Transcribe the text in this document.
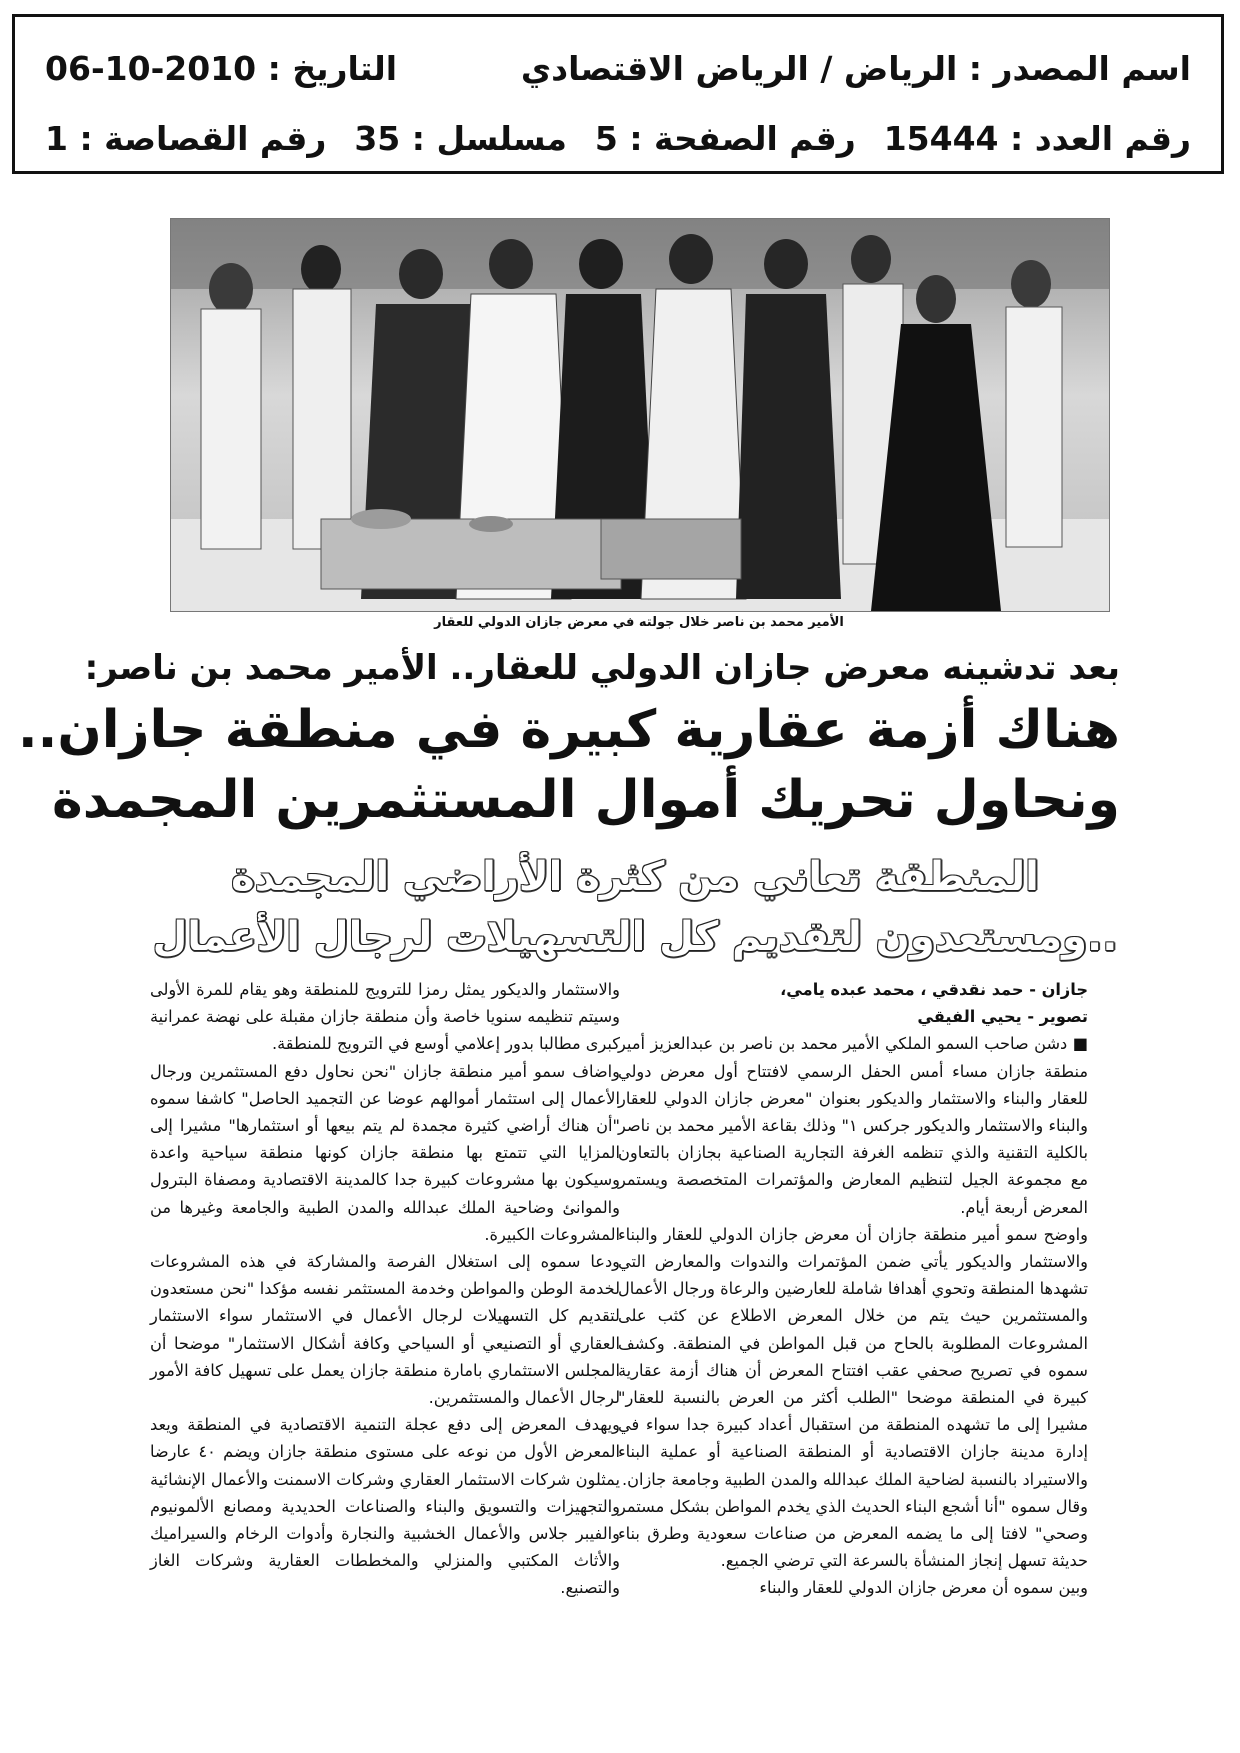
اسم المصدر : الرياض / الرياض الاقتصادي
التاريخ : 2010-10-06
رقم العدد : 15444
رقم الصفحة : 5
مسلسل : 35
رقم القصاصة : 1
الأمير محمد بن ناصر خلال جولته في معرض جازان الدولي للعقار
بعد تدشينه معرض جازان الدولي للعقار.. الأمير محمد بن ناصر:
هناك أزمة عقارية كبيرة في منطقة جازان..
ونحاول تحريك أموال المستثمرين المجمدة
المنطقة تعاني من كثرة الأراضي المجمدة
..ومستعدون لتقديم كل التسهيلات لرجال الأعمال
جازان - حمد نقدقي ، محمد عبده يامي،
تصوير - يحيي الفيقي

■ دشن صاحب السمو الملكي الأمير محمد بن ناصر بن عبدالعزيز أمير منطقة جازان مساء أمس الحفل الرسمي لافتتاح أول معرض دولي للعقار والبناء والاستثمار والديكور بعنوان "معرض جازان الدولي للعقار والبناء والاستثمار والديكور جركس ١" وذلك بقاعة الأمير محمد بن ناصر بالكلية التقنية والذي تنظمه الغرفة التجارية الصناعية بجازان بالتعاون مع مجموعة الجيل لتنظيم المعارض والمؤتمرات المتخصصة ويستمر المعرض أربعة أيام.

واوضح سمو أمير منطقة جازان أن معرض جازان الدولي للعقار والبناء والاستثمار والديكور يأتي ضمن المؤتمرات والندوات والمعارض التي تشهدها المنطقة وتحوي أهدافا شاملة للعارضين والرعاة ورجال الأعمال والمستثمرين حيث يتم من خلال المعرض الاطلاع عن كثب على المشروعات المطلوبة بالحاح من قبل المواطن في المنطقة. وكشف سموه في تصريح صحفي عقب افتتاح المعرض أن هناك أزمة عقارية كبيرة في المنطقة موضحا "الطلب أكثر من العرض بالنسبة للعقار" مشيرا إلى ما تشهده المنطقة من استقبال أعداد كبيرة جدا سواء في إدارة مدينة جازان الاقتصادية أو المنطقة الصناعية أو عملية البناء والاستيراد بالنسبة لضاحية الملك عبدالله والمدن الطبية وجامعة جازان.

وقال سموه "أنا أشجع البناء الحديث الذي يخدم المواطن بشكل مستمر وصحي" لافتا إلى ما يضمه المعرض من صناعات سعودية وطرق بناء حديثة تسهل إنجاز المنشأة بالسرعة التي ترضي الجميع.

وبين سموه أن معرض جازان الدولي للعقار والبناء

والاستثمار والديكور يمثل رمزا للترويج للمنطقة وهو يقام للمرة الأولى وسيتم تنظيمه سنويا خاصة وأن منطقة جازان مقبلة على نهضة عمرانية كبرى مطالبا بدور إعلامي أوسع في الترويج للمنطقة.

واضاف سمو أمير منطقة جازان "نحن نحاول دفع المستثمرين ورجال الأعمال إلى استثمار أموالهم عوضا عن التجميد الحاصل" كاشفا سموه "أن هناك أراضي كثيرة مجمدة لم يتم بيعها أو استثمارها" مشيرا إلى المزايا التي تتمتع بها منطقة جازان كونها منطقة سياحية واعدة وسيكون بها مشروعات كبيرة جدا كالمدينة الاقتصادية ومصفاة البترول والموانئ وضاحية الملك عبدالله والمدن الطبية والجامعة وغيرها من المشروعات الكبيرة.

ودعا سموه إلى استغلال الفرصة والمشاركة في هذه المشروعات لخدمة الوطن والمواطن وخدمة المستثمر نفسه مؤكدا "نحن مستعدون لتقديم كل التسهيلات لرجال الأعمال في الاستثمار سواء الاستثمار العقاري أو التصنيعي أو السياحي وكافة أشكال الاستثمار" موضحا أن المجلس الاستثماري بامارة منطقة جازان يعمل على تسهيل كافة الأمور لرجال الأعمال والمستثمرين.

ويهدف المعرض إلى دفع عجلة التنمية الاقتصادية في المنطقة ويعد المعرض الأول من نوعه على مستوى منطقة جازان ويضم ٤٠ عارضا يمثلون شركات الاستثمار العقاري وشركات الاسمنت والأعمال الإنشائية والتجهيزات والتسويق والبناء والصناعات الحديدية ومصانع الألمونيوم والفيبر جلاس والأعمال الخشبية والنجارة وأدوات الرخام والسيراميك والأثاث المكتبي والمنزلي والمخططات العقارية وشركات الغاز والتصنيع.
